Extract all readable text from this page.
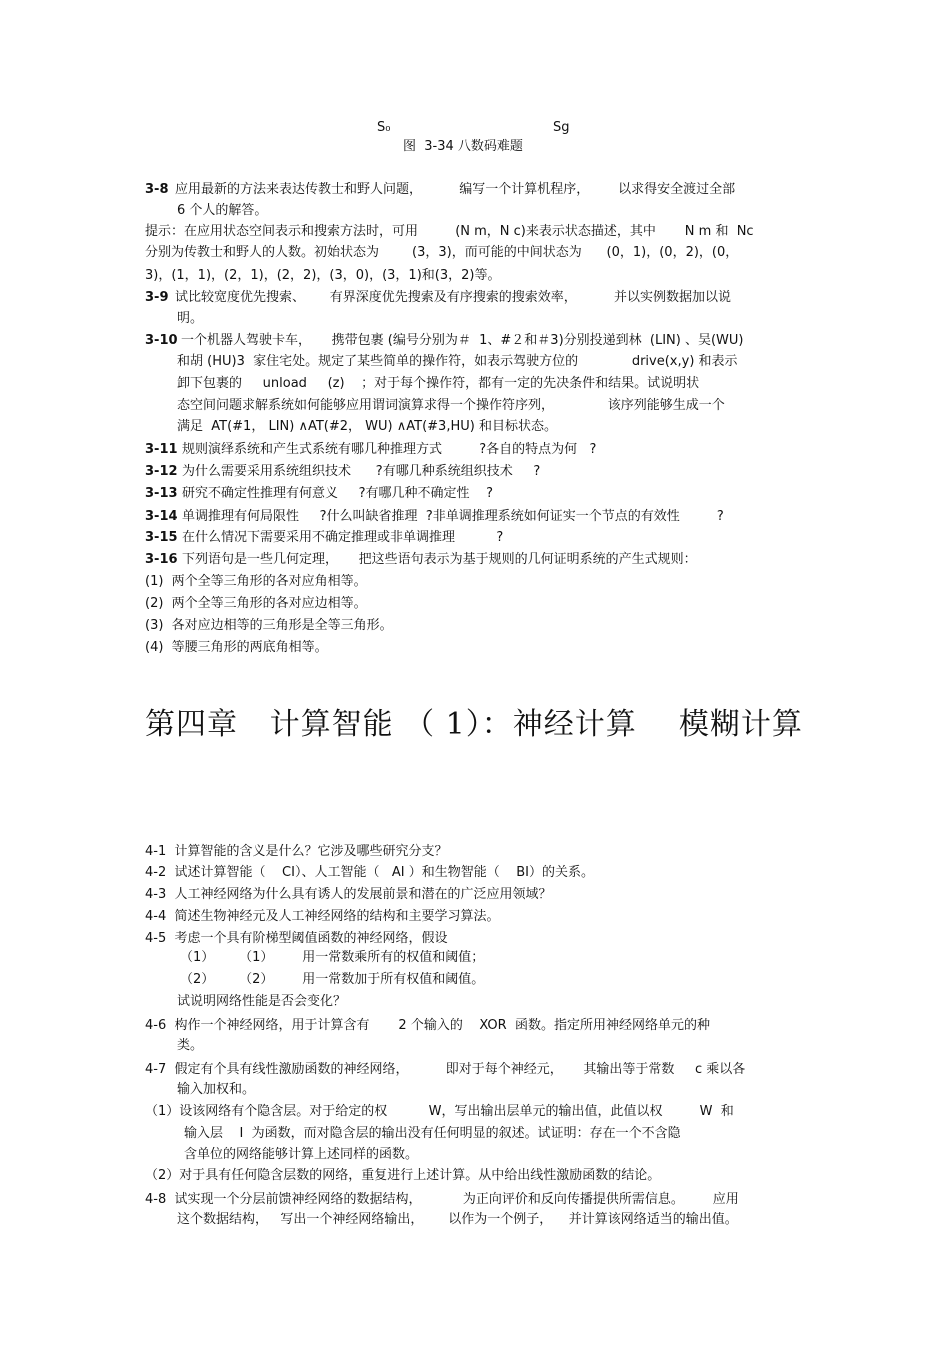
S₀	Sg
图  3-34 八数码难题
3-8 应用最新的方法来表达传教士和野人问题，         编写一个计算机程序，       以求得安全渡过全部
6 个人的解答。
提示：在应用状态空间表示和搜索方法时，可用         (N m，N c)来表示状态描述，其中       N m 和  Nc
分别为传教士和野人的人数。初始状态为        (3，3)，而可能的中间状态为      (0，1)，(0，2)，(0，
3)，(1，1)，(2，1)，(2，2)，(3，0)，(3，1)和(3，2)等。
3-9 试比较宽度优先搜索、      有界深度优先搜索及有序搜索的搜索效率，         并以实例数据加以说
明。
3-10 一个机器人驾驶卡车，     携带包裹 (编号分别为＃  1、#２和＃3)分别投递到林  (LIN) 、吴(WU)
和胡 (HU)3  家住宅处。规定了某些简单的操作符，如表示驾驶方位的             drive(x,y) 和表示
卸下包裹的     unload     (z)    ；对于每个操作符，都有一定的先决条件和结果。试说明状
态空间问题求解系统如何能够应用谓词演算求得一个操作符序列，             该序列能够生成一个
满足  AT(#1， LIN) ∧AT(#2， WU) ∧AT(#3,HU) 和目标状态。
3-11 规则演绎系统和产生式系统有哪几种推理方式         ?各自的特点为何   ?
3-12 为什么需要采用系统组织技术      ?有哪几种系统组织技术     ?
3-13 研究不确定性推理有何意义     ?有哪几种不确定性    ?
3-14 单调推理有何局限性     ?什么叫缺省推理  ?非单调推理系统如何证实一个节点的有效性         ?
3-15 在什么情况下需要采用不确定推理或非单调推理          ?
3-16 下列语句是一些几何定理，     把这些语句表示为基于规则的几何证明系统的产生式规则：
(1)  两个全等三角形的各对应角相等。
(2)  两个全等三角形的各对应边相等。
(3)  各对应边相等的三角形是全等三角形。
(4)  等腰三角形的两底角相等。
第四章   计算智能 （ 1）：神经计算    模糊计算
4-1  计算智能的含义是什么？它涉及哪些研究分支？
4-2  试述计算智能（    CI）、人工智能（   AI ）和生物智能（    BI）的关系。
4-3  人工神经网络为什么具有诱人的发展前景和潜在的广泛应用领域？
4-4  简述生物神经元及人工神经网络的结构和主要学习算法。
4-5  考虑一个具有阶梯型阈值函数的神经网络，假设
（1）      （1）       用一常数乘所有的权值和阈值；
（2）      （2）       用一常数加于所有权值和阈值。
试说明网络性能是否会变化？
4-6  构作一个神经网络，用于计算含有       2 个输入的    XOR  函数。指定所用神经网络单元的种
类。
4-7  假定有个具有线性激励函数的神经网络，         即对于每个神经元，     其输出等于常数     c 乘以各
输入加权和。
（1）设该网络有个隐含层。对于给定的权          W，写出输出层单元的输出值，此值以权         W  和
输入层    I  为函数，而对隐含层的输出没有任何明显的叙述。试证明：存在一个不含隐
含单位的网络能够计算上述同样的函数。
（2）对于具有任何隐含层数的网络，重复进行上述计算。从中给出线性激励函数的结论。
4-8  试实现一个分层前馈神经网络的数据结构，          为正向评价和反向传播提供所需信息。       应用
这个数据结构，   写出一个神经网络输出，      以作为一个例子，    并计算该网络适当的输出值。
